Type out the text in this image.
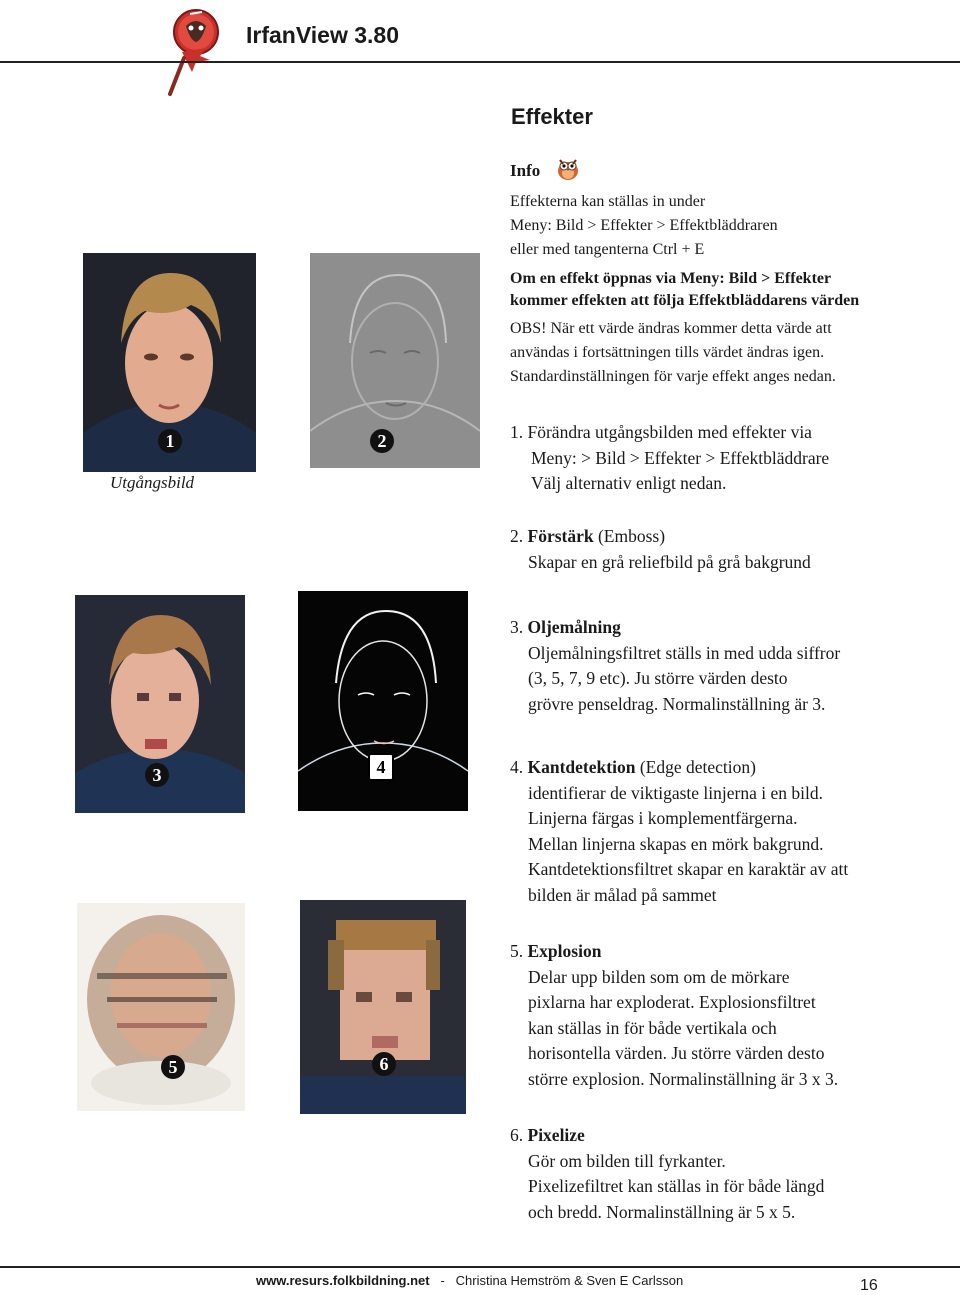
IrfanView 3.80
Effekter
Info
Effekterna kan ställas in under
Meny: Bild > Effekter > Effektbläddraren
eller med tangenterna Ctrl + E
Om en effekt öppnas via Meny: Bild > Effekter
kommer effekten att följa Effektbläddarens värden
OBS! När ett värde ändras kommer detta värde att
användas i fortsättningen tills värdet ändras igen.
Standardinställningen för varje effekt anges nedan.
1. Förändra utgångsbilden med effekter via
Meny: > Bild > Effekter > Effektbläddrare
Välj alternativ enligt nedan.
2. Förstärk (Emboss)
Skapar en grå reliefbild på grå bakgrund
3. Oljemålning
Oljemålningsfiltret ställs in med udda siffror
(3, 5, 7, 9 etc). Ju större värden desto
grövre penseldrag. Normalinställning är 3.
4. Kantdetektion (Edge detection)
identifierar de viktigaste linjerna i en bild.
Linjerna färgas i komplementfärgerna.
Mellan linjerna skapas en mörk bakgrund.
Kantdetektionsfiltret skapar en karaktär av att
bilden är målad på sammet
5. Explosion
Delar upp bilden som om de mörkare
pixlarna har exploderat. Explosionsfiltret
kan ställas in för både vertikala och
horisontella värden. Ju större värden desto
större explosion. Normalinställning är 3 x 3.
6. Pixelize
Gör om bilden till fyrkanter.
Pixelizefiltret kan ställas in för både längd
och bredd. Normalinställning är 5 x 5.
1
Utgångsbild
2
3	4
5	6
www.resurs.folkbildning.net - Christina Hemström & Sven E Carlsson	16
